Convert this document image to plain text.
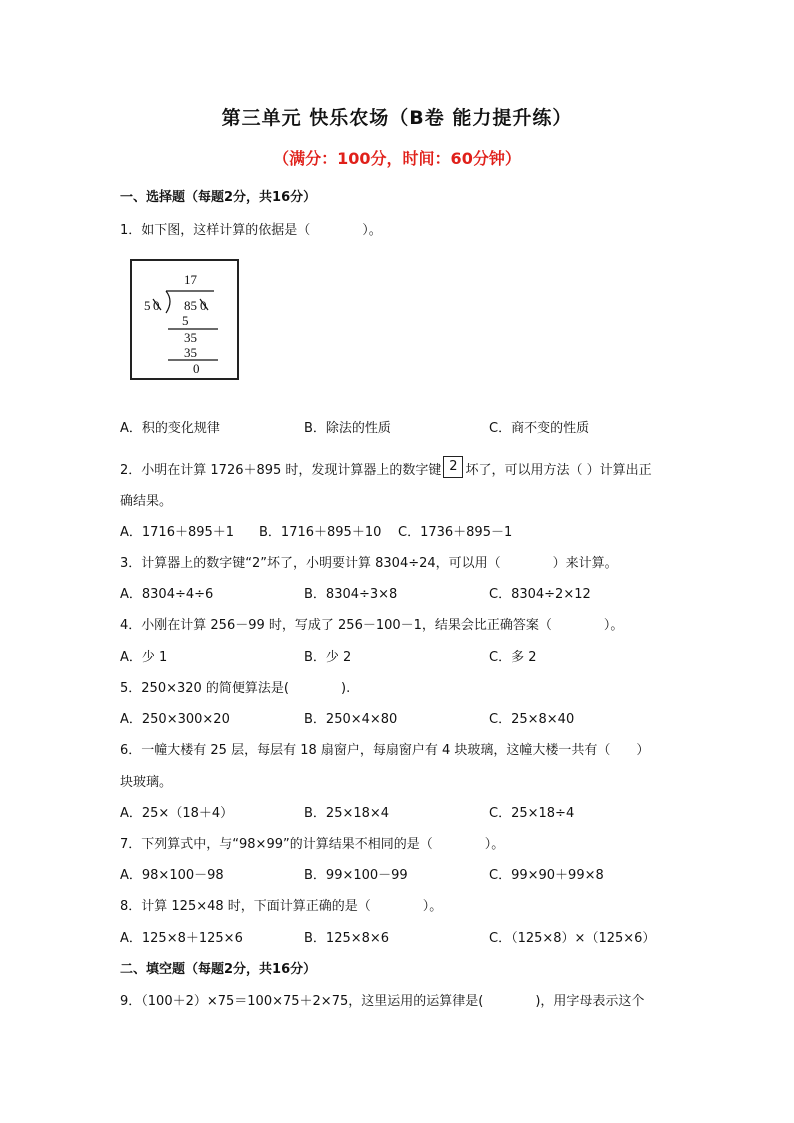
第三单元 快乐农场（B卷 能力提升练）
（满分：100分，时间：60分钟）
一、选择题（每题2分，共16分）
1．如下图，这样计算的依据是（　　　　）。
17
5 0 85 0
5
35
35
0
A．积的变化规律	B．除法的性质	C．商不变的性质
2．小明在计算 1726＋895 时，发现计算器上的数字键 2 坏了，可以用方法（ ）计算出正
确结果。
A．1716＋895＋1 B．1716＋895＋10 C．1736＋895－1
3．计算器上的数字键“2”坏了，小明要计算 8304÷24，可以用（　　　　）来计算。
A．8304÷4÷6	B．8304÷3×8	C．8304÷2×12
4．小刚在计算 256－99 时，写成了 256－100－1，结果会比正确答案（　　　　）。
A．少 1	B．少 2	C．多 2
5．250×320 的简便算法是(　　　　).
A．250×300×20	B．250×4×80	C．25×8×40
6．一幢大楼有 25 层，每层有 18 扇窗户，每扇窗户有 4 块玻璃，这幢大楼一共有（　　）
块玻璃。
A．25×（18＋4）	B．25×18×4	C．25×18÷4
7．下列算式中，与“98×99”的计算结果不相同的是（　　　　）。
A．98×100－98	B．99×100－99	C．99×90＋99×8
8．计算 125×48 时，下面计算正确的是（　　　　）。
A．125×8＋125×6	B．125×8×6	C．（125×8）×（125×6）
二、填空题（每题2分，共16分）
9．（100＋2）×75＝100×75＋2×75，这里运用的运算律是(　　　　)，用字母表示这个
